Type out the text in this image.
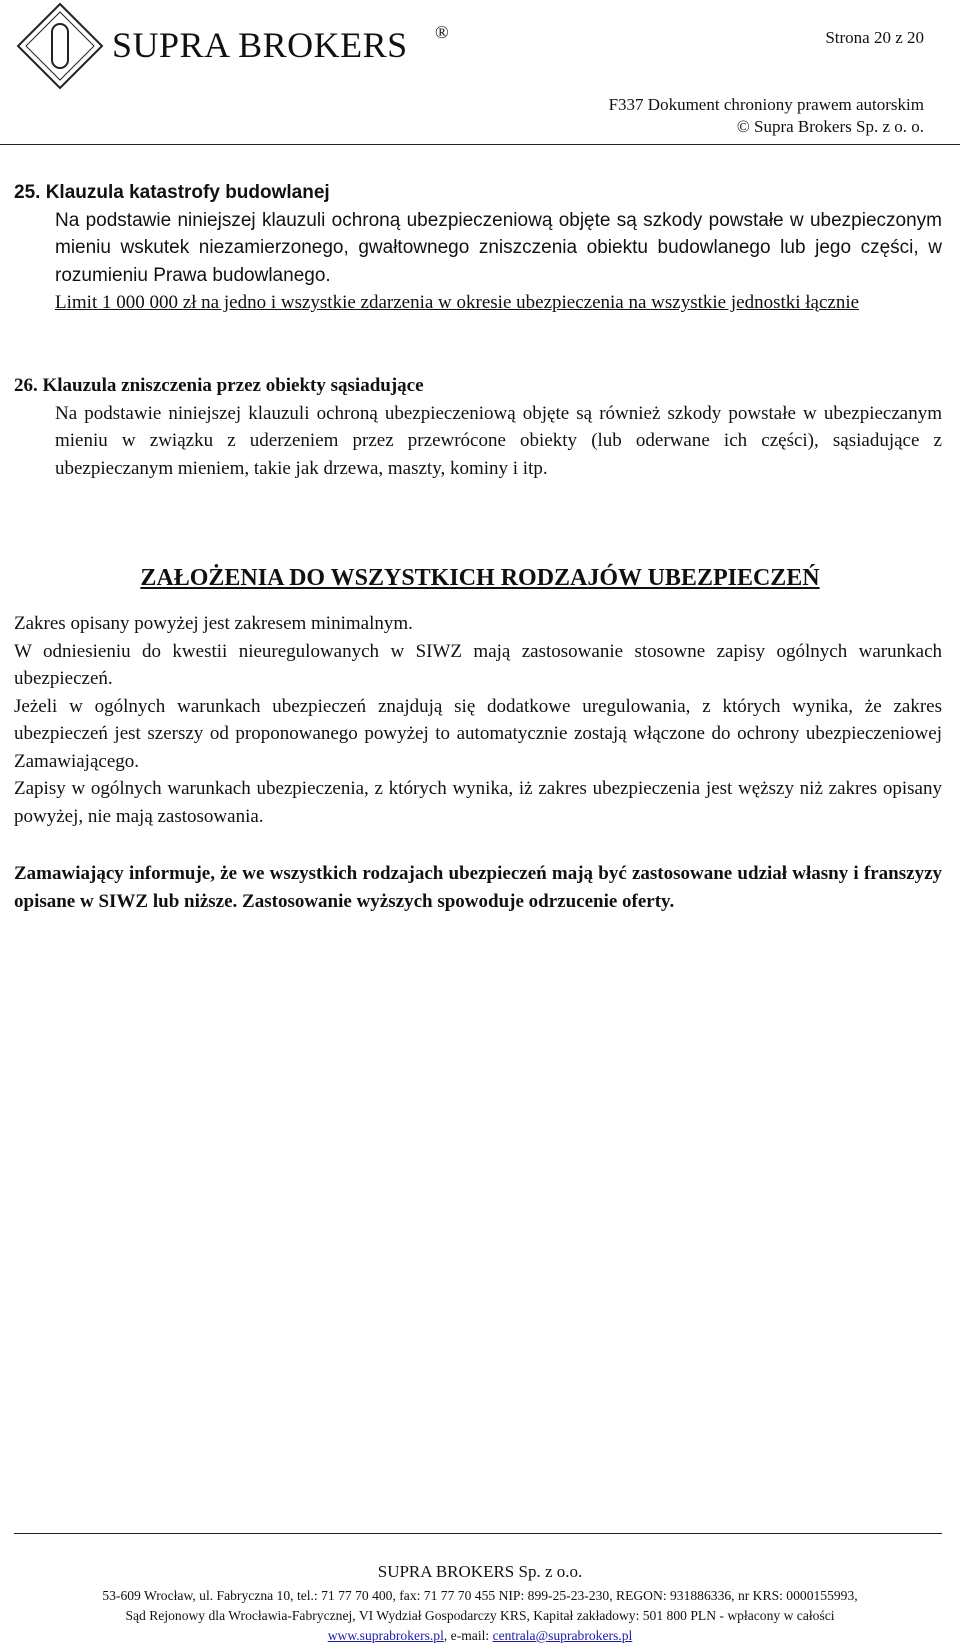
SUPRA BROKERS ®	Strona 20 z 20
F337 Dokument chroniony prawem autorskim
© Supra Brokers Sp. z o. o.
25. Klauzula katastrofy budowlanej
Na podstawie niniejszej klauzuli ochroną ubezpieczeniową objęte są szkody powstałe w ubezpieczonym mieniu wskutek niezamierzonego, gwałtownego zniszczenia obiektu budowlanego lub jego części, w rozumieniu Prawa budowlanego.
Limit 1 000 000 zł na jedno i wszystkie zdarzenia w okresie ubezpieczenia na wszystkie jednostki łącznie
26. Klauzula zniszczenia przez obiekty sąsiadujące
Na podstawie niniejszej klauzuli ochroną ubezpieczeniową objęte są również szkody powstałe w ubezpieczanym mieniu w związku z uderzeniem przez przewrócone obiekty (lub oderwane ich części), sąsiadujące z ubezpieczanym mieniem, takie jak drzewa, maszty, kominy i itp.
ZAŁOŻENIA DO WSZYSTKICH RODZAJÓW UBEZPIECZEŃ
Zakres opisany powyżej jest zakresem minimalnym.
W odniesieniu do kwestii nieuregulowanych w SIWZ mają zastosowanie stosowne zapisy ogólnych warunkach ubezpieczeń.
Jeżeli w ogólnych warunkach ubezpieczeń znajdują się dodatkowe uregulowania, z których wynika, że zakres ubezpieczeń jest szerszy od proponowanego powyżej to automatycznie zostają włączone do ochrony ubezpieczeniowej Zamawiającego.
Zapisy w ogólnych warunkach ubezpieczenia, z których wynika, iż zakres ubezpieczenia jest węższy niż zakres opisany powyżej, nie mają zastosowania.
Zamawiający informuje, że we wszystkich rodzajach ubezpieczeń mają być zastosowane udział własny i franszyzy opisane w SIWZ lub niższe. Zastosowanie wyższych spowoduje odrzucenie oferty.
SUPRA BROKERS Sp. z o.o.
53-609 Wrocław, ul. Fabryczna 10, tel.: 71 77 70 400, fax: 71 77 70 455 NIP: 899-25-23-230, REGON: 931886336, nr KRS: 0000155993,
Sąd Rejonowy dla Wrocławia-Fabrycznej, VI Wydział Gospodarczy KRS, Kapitał zakładowy: 501 800 PLN - wpłacony w całości
www.suprabrokers.pl, e-mail: centrala@suprabrokers.pl
